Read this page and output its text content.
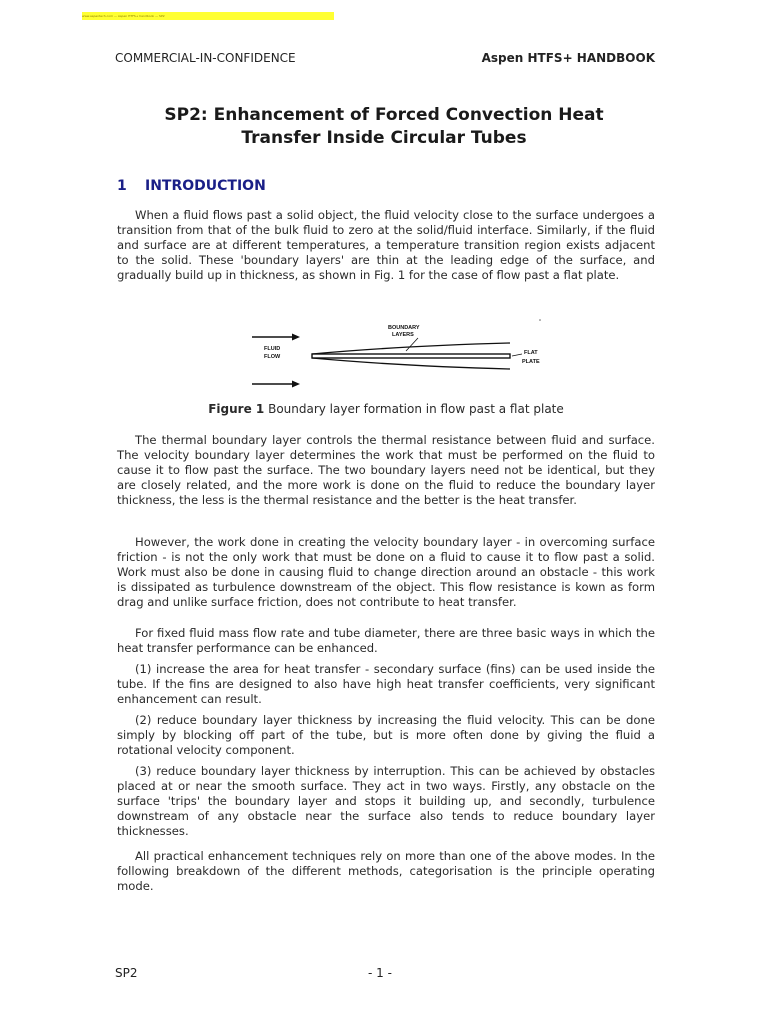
www.aspentech.com — Aspen HTFS+ handbook — SP2
COMMERCIAL-IN-CONFIDENCE	Aspen HTFS+ HANDBOOK
SP2: Enhancement of Forced Convection Heat
Transfer Inside Circular Tubes
1 INTRODUCTION

When a fluid flows past a solid object, the fluid velocity close to the surface undergoes a transition from that of the bulk fluid to zero at the solid/fluid interface. Similarly, if the fluid and surface are at different temperatures, a temperature transition region exists adjacent to the solid. These 'boundary layers' are thin at the leading edge of the surface, and gradually build up in thickness, as shown in Fig. 1 for the case of flow past a flat plate.

FLUID
FLOW
BOUNDARY
LAYERS
FLAT
PLATE
Figure 1 Boundary layer formation in flow past a flat plate

The thermal boundary layer controls the thermal resistance between fluid and surface. The velocity boundary layer determines the work that must be performed on the fluid to cause it to flow past the surface. The two boundary layers need not be identical, but they are closely related, and the more work is done on the fluid to reduce the boundary layer thickness, the less is the thermal resistance and the better is the heat transfer.

However, the work done in creating the velocity boundary layer - in overcoming surface friction - is not the only work that must be done on a fluid to cause it to flow past a solid. Work must also be done in causing fluid to change direction around an obstacle - this work is dissipated as turbulence downstream of the object. This flow resistance is kown as form drag and unlike surface friction, does not contribute to heat transfer.

For fixed fluid mass flow rate and tube diameter, there are three basic ways in which the heat transfer performance can be enhanced.

(1) increase the area for heat transfer - secondary surface (fins) can be used inside the tube. If the fins are designed to also have high heat transfer coefficients, very significant enhancement can result.

(2) reduce boundary layer thickness by increasing the fluid velocity. This can be done simply by blocking off part of the tube, but is more often done by giving the fluid a rotational velocity component.

(3) reduce boundary layer thickness by interruption. This can be achieved by obstacles placed at or near the smooth surface. They act in two ways. Firstly, any obstacle on the surface 'trips' the boundary layer and stops it building up, and secondly, turbulence downstream of any obstacle near the surface also tends to reduce boundary layer thicknesses.

All practical enhancement techniques rely on more than one of the above modes. In the following breakdown of the different methods, categorisation is the principle operating mode.

SP2	- 1 -
